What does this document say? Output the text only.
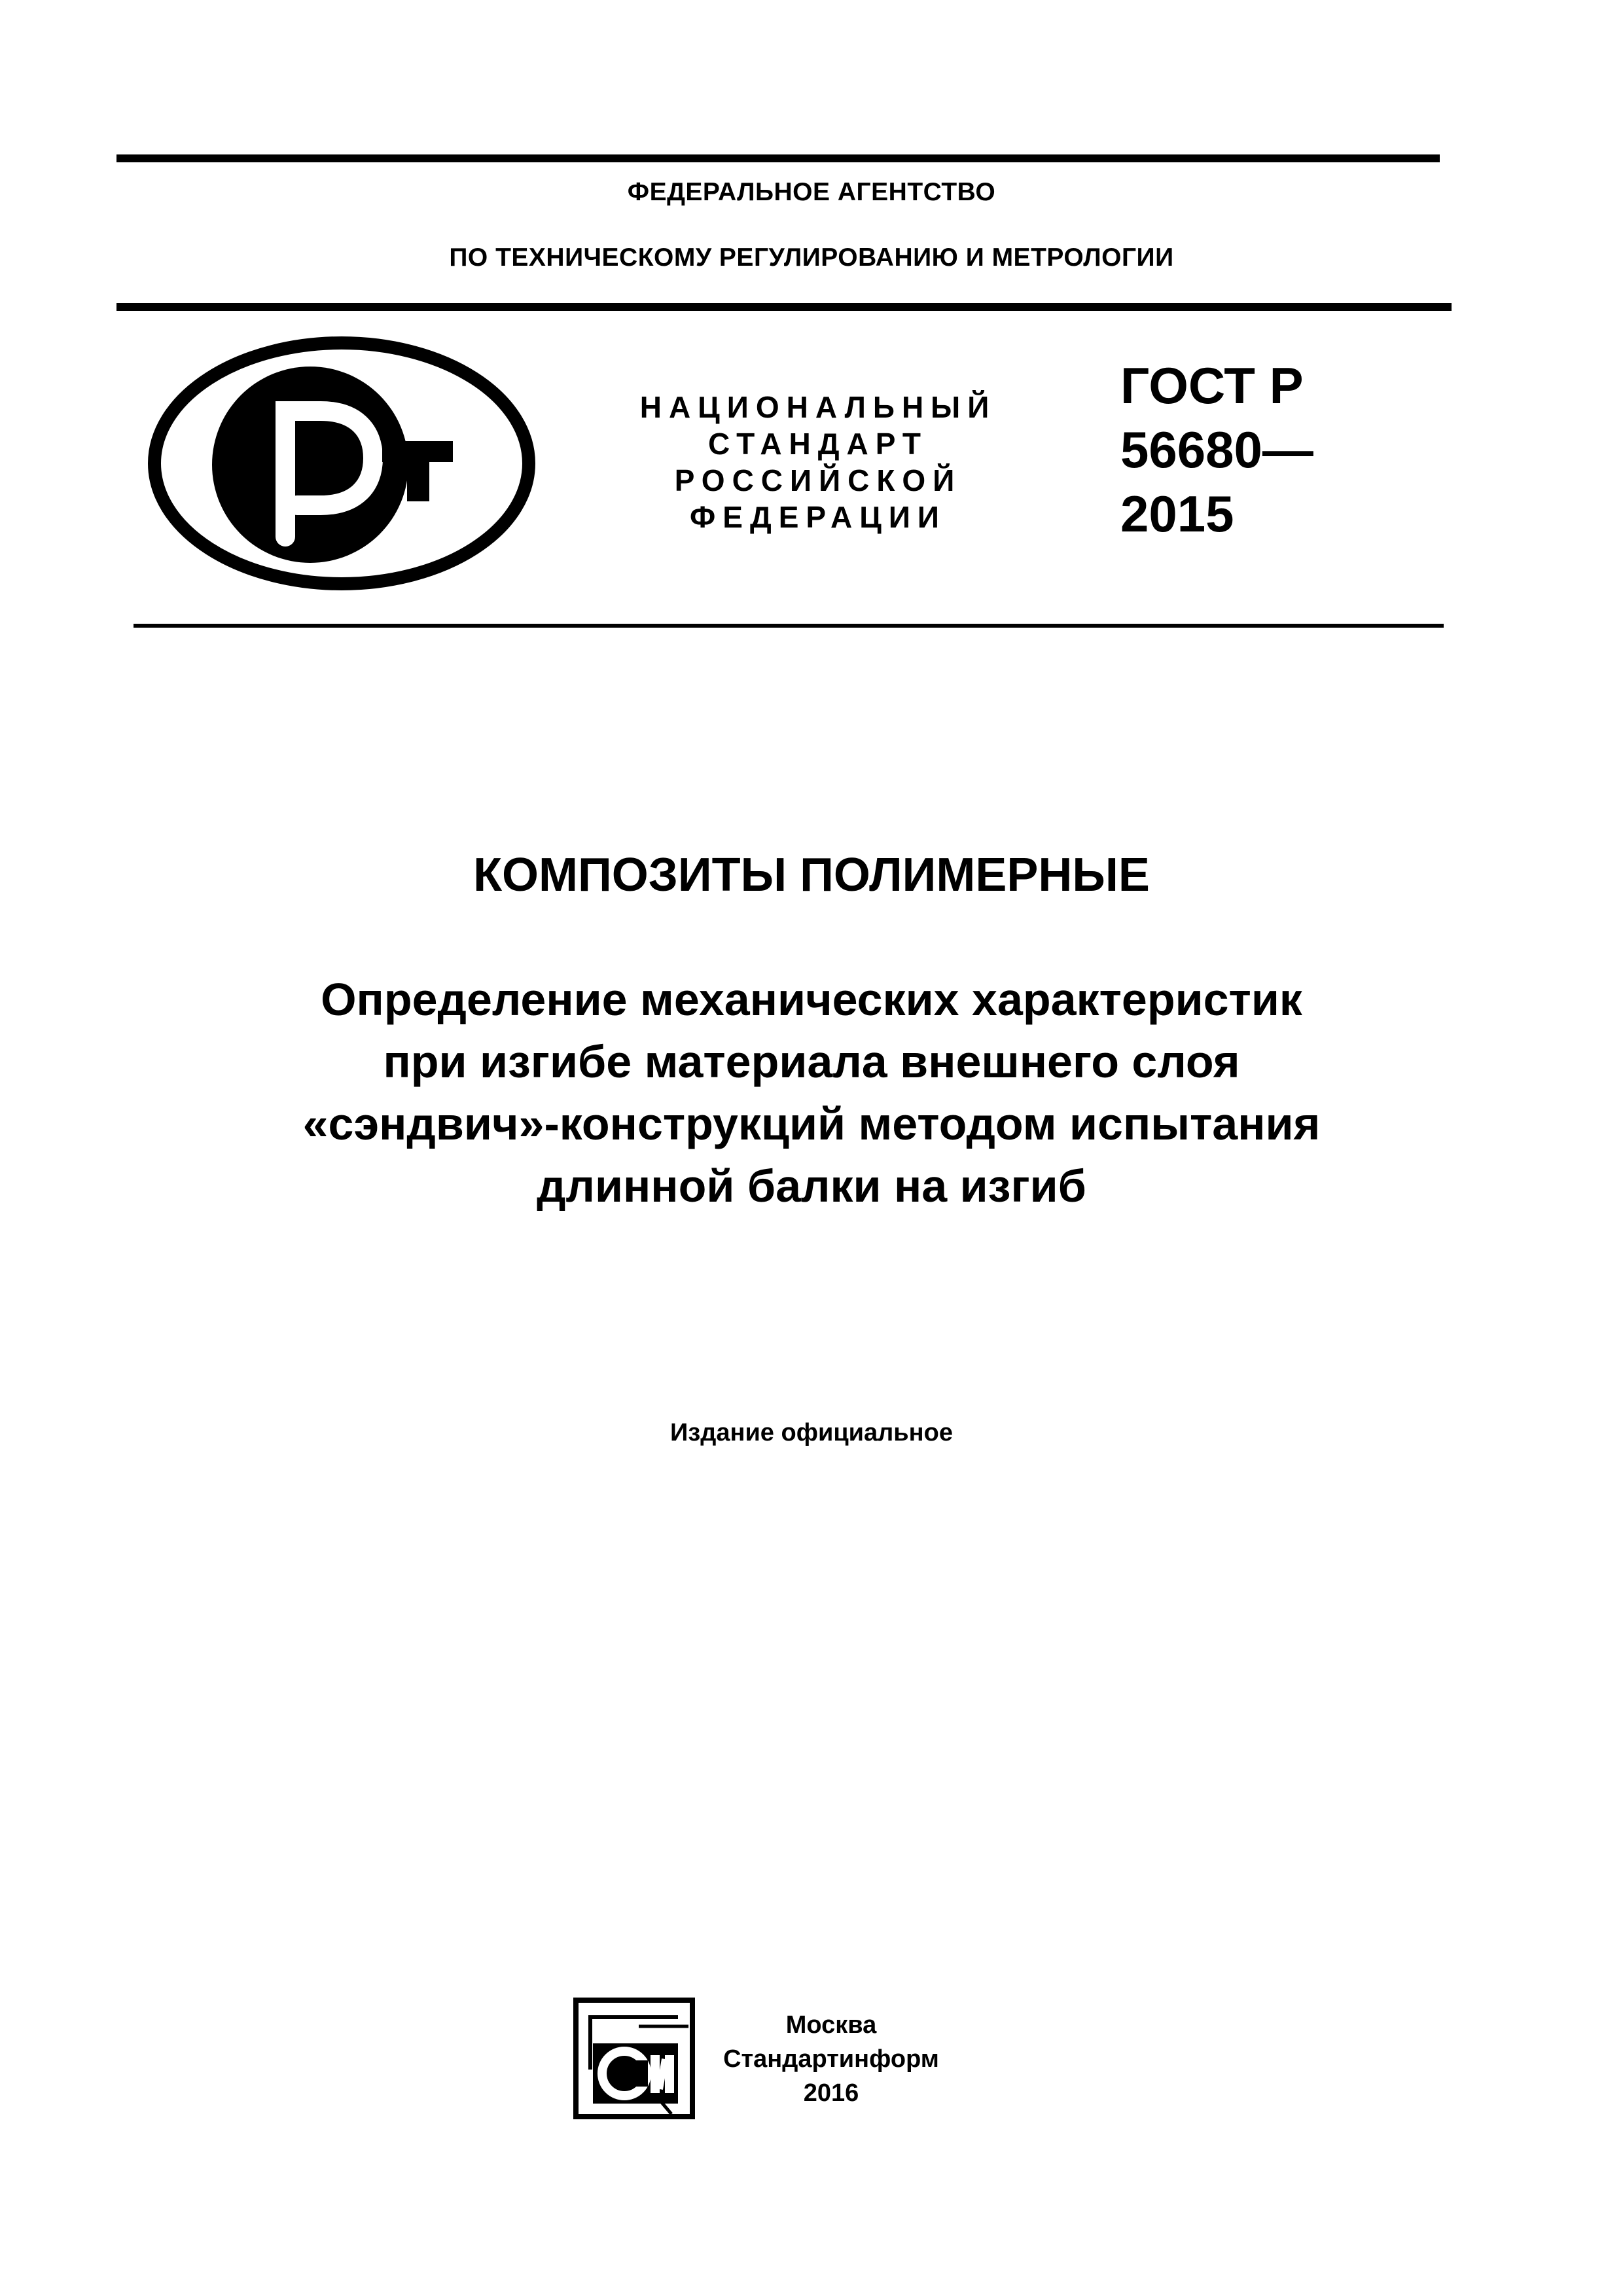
ФЕДЕРАЛЬНОЕ АГЕНТСТВО
ПО ТЕХНИЧЕСКОМУ РЕГУЛИРОВАНИЮ И МЕТРОЛОГИИ
НАЦИОНАЛЬНЫЙ
СТАНДАРТ
РОССИЙСКОЙ
ФЕДЕРАЦИИ
ГОСТ Р
56680—
2015
КОМПОЗИТЫ ПОЛИМЕРНЫЕ
Определение механических характеристик
при изгибе материала внешнего слоя
«сэндвич»-конструкций методом испытания
длинной балки на изгиб
Издание официальное
Москва
Стандартинформ
2016
